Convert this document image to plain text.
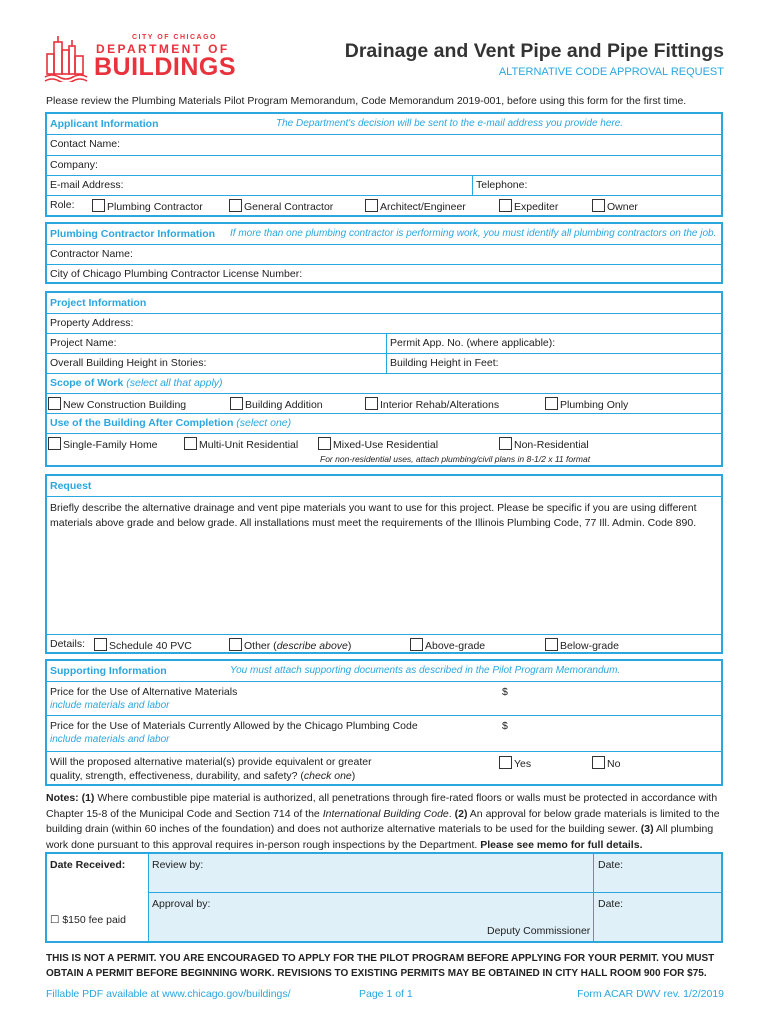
CITY OF CHICAGO
DEPARTMENT OF
BUILDINGS
Drainage and Vent Pipe and Pipe Fittings
ALTERNATIVE CODE APPROVAL REQUEST
Please review the Plumbing Materials Pilot Program Memorandum, Code Memorandum 2019-001, before using this form for the first time.
Applicant Information	The Department's decision will be sent to the e-mail address you provide here.
Contact Name:
Company:
E-mail Address:	Telephone:
Role:	Plumbing Contractor	General Contractor	Architect/Engineer	Expediter	Owner
Plumbing Contractor Information If more than one plumbing contractor is performing work, you must identify all plumbing contractors on the job.
Contractor Name:
City of Chicago Plumbing Contractor License Number:
Project Information
Property Address:
Project Name:	Permit App. No. (where applicable):
Overall Building Height in Stories:	Building Height in Feet:
Scope of Work (select all that apply)
New Construction Building	Building Addition	Interior Rehab/Alterations	Plumbing Only
Use of the Building After Completion (select one)
Single-Family Home	Multi-Unit Residential	Mixed-Use Residential	Non-Residential
For non-residential uses, attach plumbing/civil plans in 8-1/2 x 11 format
Request
Briefly describe the alternative drainage and vent pipe materials you want to use for this project. Please be specific if you are using different materials above grade and below grade. All installations must meet the requirements of the Illinois Plumbing Code, 77 Ill. Admin. Code 890.
Details:	Schedule 40 PVC	Other (describe above)	Above-grade	Below-grade
Supporting Information	You must attach supporting documents as described in the Pilot Program Memorandum.
Price for the Use of Alternative Materials
include materials and labor
$
Price for the Use of Materials Currently Allowed by the Chicago Plumbing Code
include materials and labor
$
Will the proposed alternative material(s) provide equivalent or greater
quality, strength, effectiveness, durability, and safety? (check one)
Yes	No
Notes: (1) Where combustible pipe material is authorized, all penetrations through fire-rated floors or walls must be protected in accordance with Chapter 15-8 of the Municipal Code and Section 714 of the International Building Code. (2) An approval for below grade materials is limited to the building drain (within 60 inches of the foundation) and does not authorize alternative materials to be used for the building sewer. (3) All plumbing work done pursuant to this approval requires in-person rough inspections by the Department. Please see memo for full details.
Date Received:
☐ $150 fee paid
Review by:	Date:
Approval by:
Deputy Commissioner
Date:
THIS IS NOT A PERMIT. YOU ARE ENCOURAGED TO APPLY FOR THE PILOT PROGRAM BEFORE APPLYING FOR YOUR PERMIT. YOU MUST
OBTAIN A PERMIT BEFORE BEGINNING WORK. REVISIONS TO EXISTING PERMITS MAY BE OBTAINED IN CITY HALL ROOM 900 FOR $75.
Fillable PDF available at www.chicago.gov/buildings/	Page 1 of 1	Form ACAR DWV rev. 1/2/2019
